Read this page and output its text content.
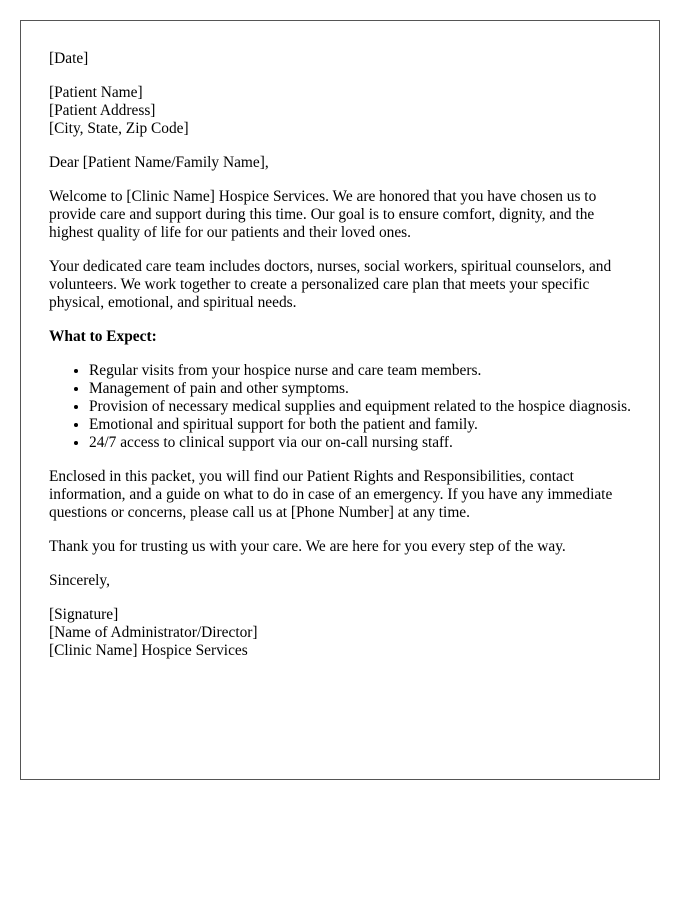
[Date]

[Patient Name]
[Patient Address]
[City, State, Zip Code]

Dear [Patient Name/Family Name],

Welcome to [Clinic Name] Hospice Services. We are honored that you have chosen us to provide care and support during this time. Our goal is to ensure comfort, dignity, and the highest quality of life for our patients and their loved ones.

Your dedicated care team includes doctors, nurses, social workers, spiritual counselors, and volunteers. We work together to create a personalized care plan that meets your specific physical, emotional, and spiritual needs.

What to Expect:
• Regular visits from your hospice nurse and care team members.
• Management of pain and other symptoms.
• Provision of necessary medical supplies and equipment related to the hospice diagnosis.
• Emotional and spiritual support for both the patient and family.
• 24/7 access to clinical support via our on-call nursing staff.

Enclosed in this packet, you will find our Patient Rights and Responsibilities, contact information, and a guide on what to do in case of an emergency. If you have any immediate questions or concerns, please call us at [Phone Number] at any time.

Thank you for trusting us with your care. We are here for you every step of the way.

Sincerely,

[Signature]
[Name of Administrator/Director]
[Clinic Name] Hospice Services
